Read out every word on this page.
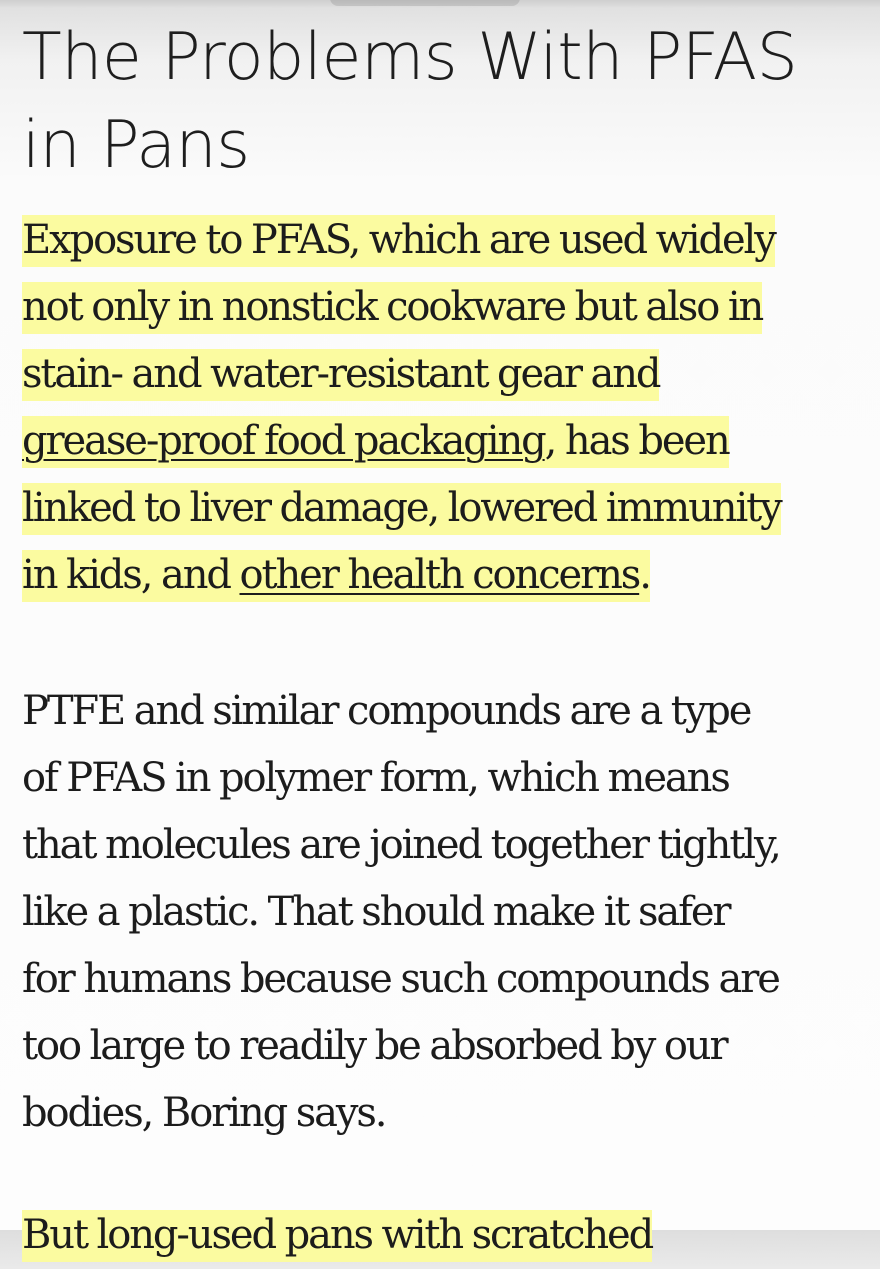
The Problems With PFAS
in Pans

Exposure to PFAS, which are used widely
not only in nonstick cookware but also in
stain- and water-resistant gear and
grease-proof food packaging, has been
linked to liver damage, lowered immunity
in kids, and other health concerns.

PTFE and similar compounds are a type
of PFAS in polymer form, which means
that molecules are joined together tightly,
like a plastic. That should make it safer
for humans because such compounds are
too large to readily be absorbed by our
bodies, Boring says.

But long-used pans with scratched
